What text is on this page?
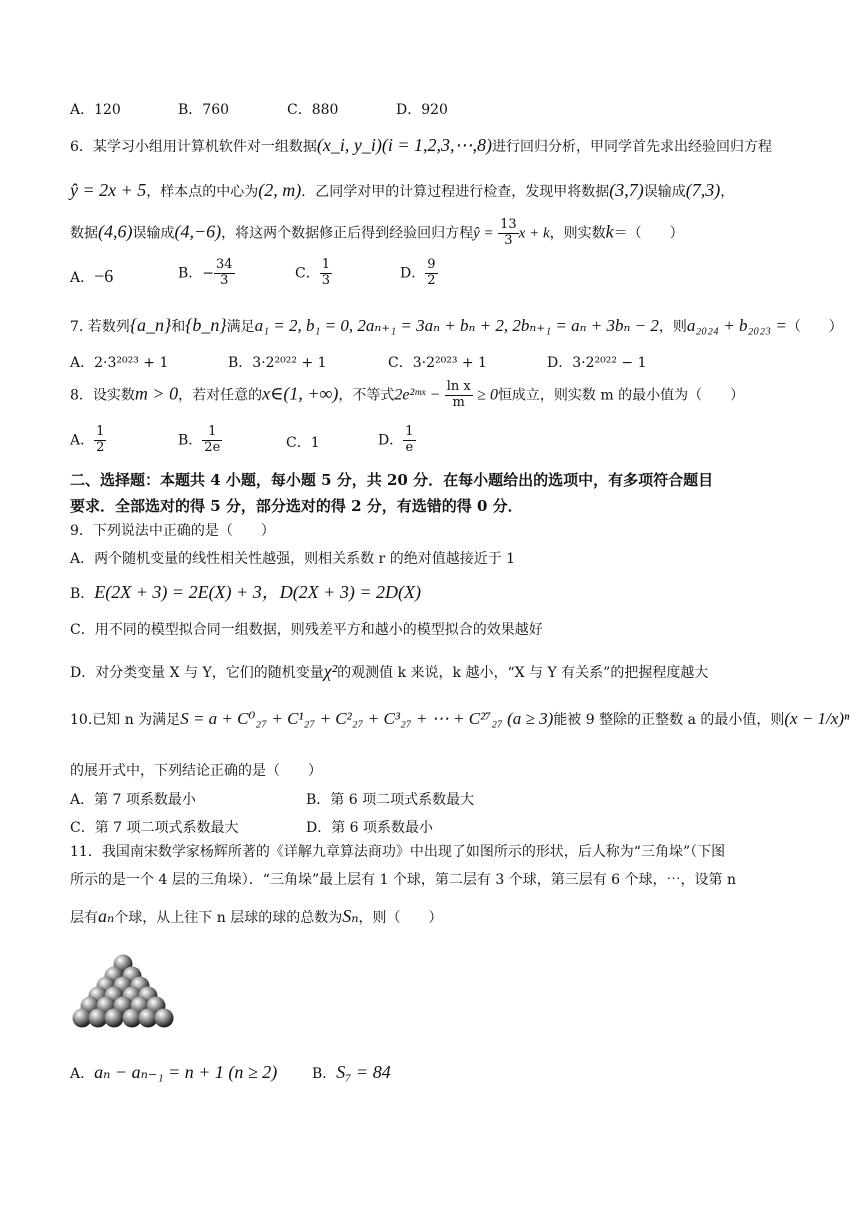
A．120	B．760	C．880	D．920
6．某学习小组用计算机软件对一组数据(x_i, y_i)(i = 1,2,3,⋯,8)进行回归分析，甲同学首先求出经验回归方程
ŷ = 2x + 5，样本点的中心为(2, m)．乙同学对甲的计算过程进行检查，发现甲将数据(3,7)误输成(7,3)，
数据(4,6)误输成(4,−6)，将这两个数据修正后得到经验回归方程ŷ = $\frac{13}{3}$ x + k，则实数k＝（　　）
A．−6	B．− $\frac{34}{3}$	C． $\frac{1}{3}$	D． $\frac{9}{2}$
7. 若数列{a_n}和{b_n}满足a₁ = 2, b₁ = 0, 2aₙ₊₁ = 3aₙ + bₙ + 2, 2bₙ₊₁ = aₙ + 3bₙ − 2，则a₂₀₂₄ + b₂₀₂₃ =（　　）
A．2·3²⁰²³ + 1	B．3·2²⁰²² + 1	C．3·2²⁰²³ + 1	D．3·2²⁰²² − 1
8．设实数m > 0，若对任意的x∈(1, +∞)，不等式2e²ᵐˣ − $\frac{\text{ln x}}{m} \ge 0$恒成立，则实数 m 的最小值为（　　）
A． $\frac{1}{2}$	B． $\frac{1}{2e}$	C．1	D． $\frac{1}{e}$
二、选择题：本题共 4 小题，每小题 5 分，共 20 分．在每小题给出的选项中，有多项符合题目
要求．全部选对的得 5 分，部分选对的得 2 分，有选错的得 0 分．
9．下列说法中正确的是（　　）
A．两个随机变量的线性相关性越强，则相关系数 r 的绝对值越接近于 1
B．E(2X + 3) = 2E(X) + 3，D(2X + 3) = 2D(X)
C．用不同的模型拟合同一组数据，则残差平方和越小的模型拟合的效果越好
D．对分类变量 X 与 Y，它们的随机变量χ²的观测值 k 来说，k 越小，“X 与 Y 有关系”的把握程度越大
10.已知 n 为满足S = a + C⁰₂₇ + C¹₂₇ + C²₂₇ + C³₂₇ + ⋯ + C²⁷₂₇ (a ≥ 3)能被 9 整除的正整数 a 的最小值，则(x − 1/x)ⁿ
的展开式中，下列结论正确的是（　　）
A．第 7 项系数最小	B．第 6 项二项式系数最大
C．第 7 项二项式系数最大	D．第 6 项系数最小
11．我国南宋数学家杨辉所著的《详解九章算法商功》中出现了如图所示的形状，后人称为“三角垛”（下图
所示的是一个 4 层的三角垛）．“三角垛”最上层有 1 个球，第二层有 3 个球，第三层有 6 个球，⋯，设第 n
层有aₙ个球，从上往下 n 层球的球的总数为Sₙ，则（　　）
A．aₙ − aₙ₋₁ = n + 1 (n ≥ 2) B．S₇ = 84
